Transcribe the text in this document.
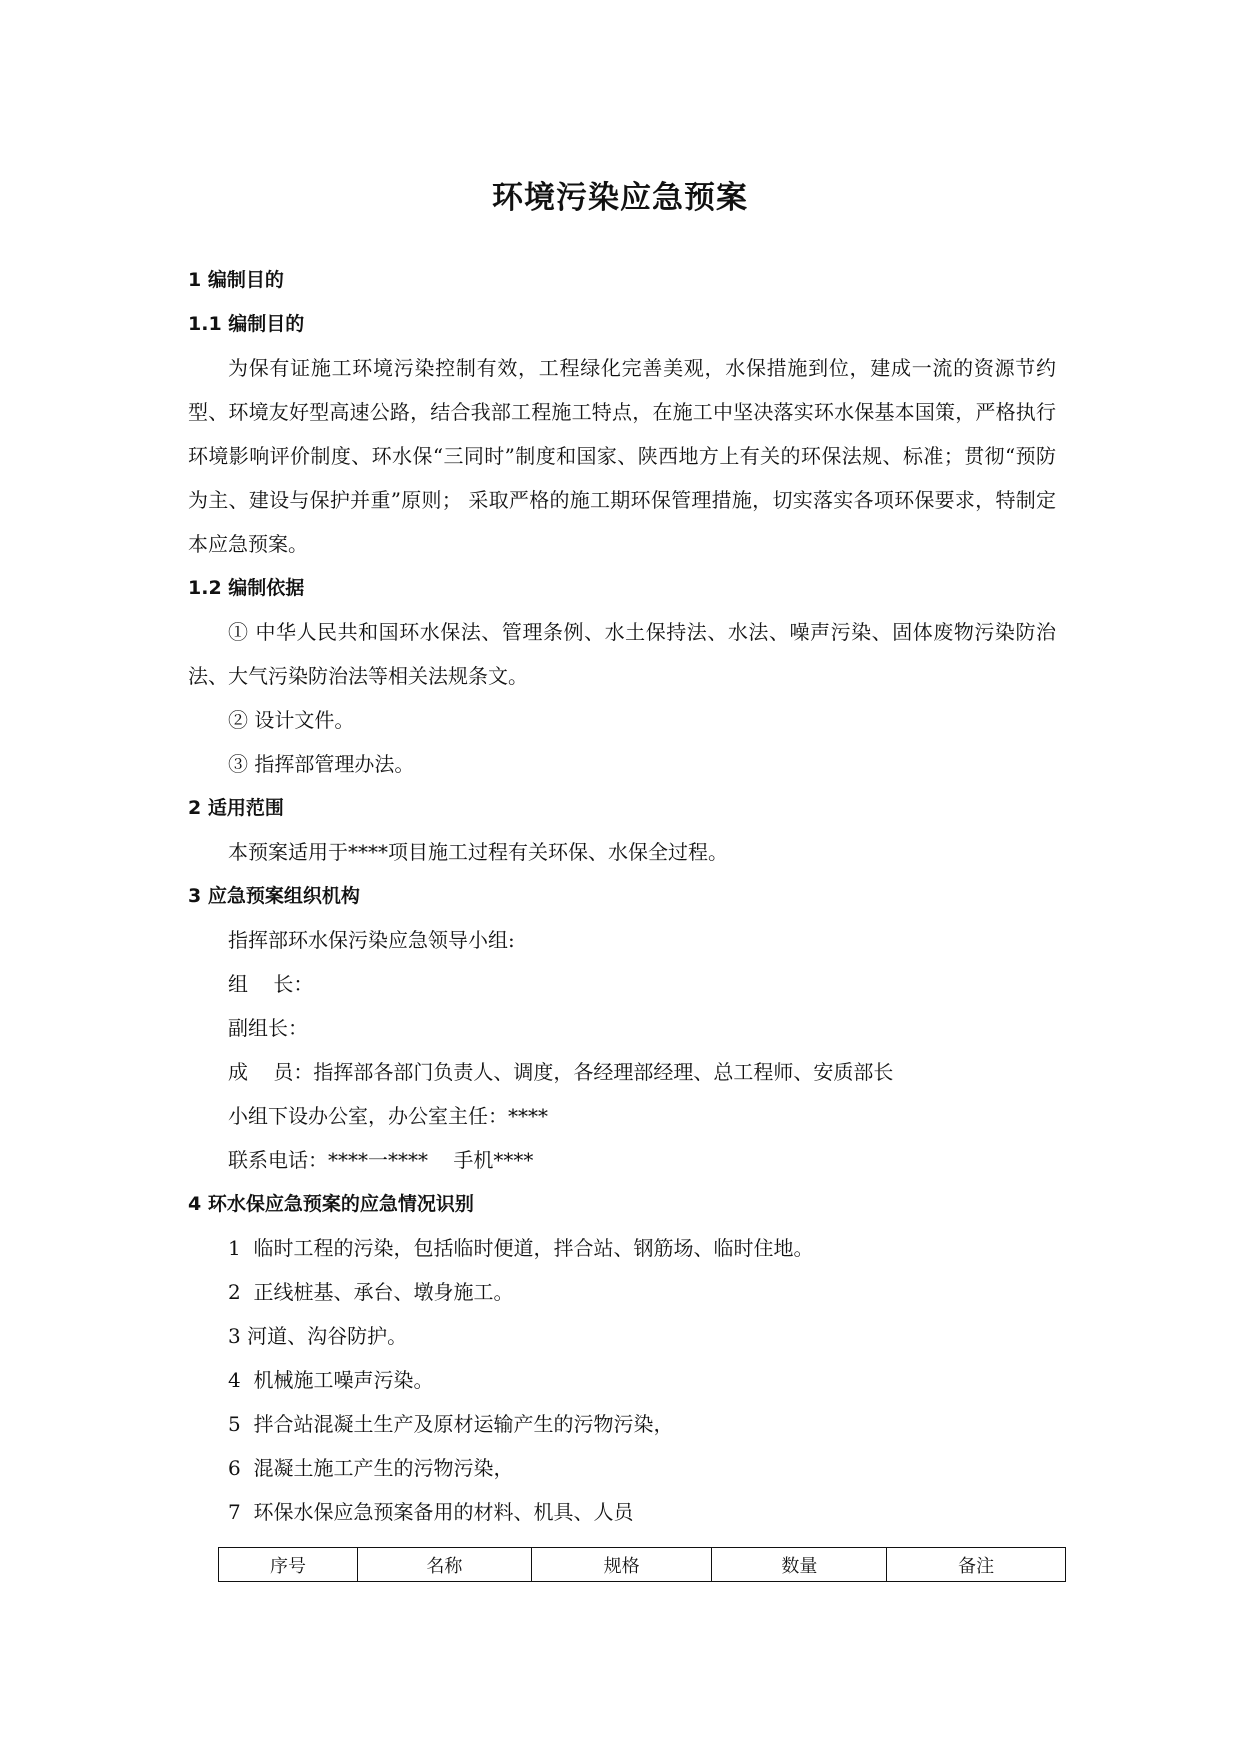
环境污染应急预案
1 编制目的
1.1 编制目的
为保有证施工环境污染控制有效，工程绿化完善美观，水保措施到位，建成一流的资源节约型、环境友好型高速公路，结合我部工程施工特点，在施工中坚决落实环水保基本国策，严格执行环境影响评价制度、环水保“三同时”制度和国家、陕西地方上有关的环保法规、标准；贯彻“预防为主、建设与保护并重”原则； 采取严格的施工期环保管理措施，切实落实各项环保要求，特制定本应急预案。
1.2 编制依据
① 中华人民共和国环水保法、管理条例、水土保持法、水法、噪声污染、固体废物污染防治法、大气污染防治法等相关法规条文。
② 设计文件。
③ 指挥部管理办法。
2 适用范围
本预案适用于****项目施工过程有关环保、水保全过程。
3 应急预案组织机构
指挥部环水保污染应急领导小组:
组    长：
副组长：
成    员：指挥部各部门负责人、调度，各经理部经理、总工程师、安质部长
小组下设办公室，办公室主任：****
联系电话：****一****    手机****
4 环水保应急预案的应急情况识别
1  临时工程的污染，包括临时便道，拌合站、钢筋场、临时住地。
2  正线桩基、承台、墩身施工。
3 河道、沟谷防护。
4  机械施工噪声污染。
5  拌合站混凝土生产及原材运输产生的污物污染，
6  混凝土施工产生的污物污染，
7  环保水保应急预案备用的材料、机具、人员
序号	名称	规格	数量	备注
